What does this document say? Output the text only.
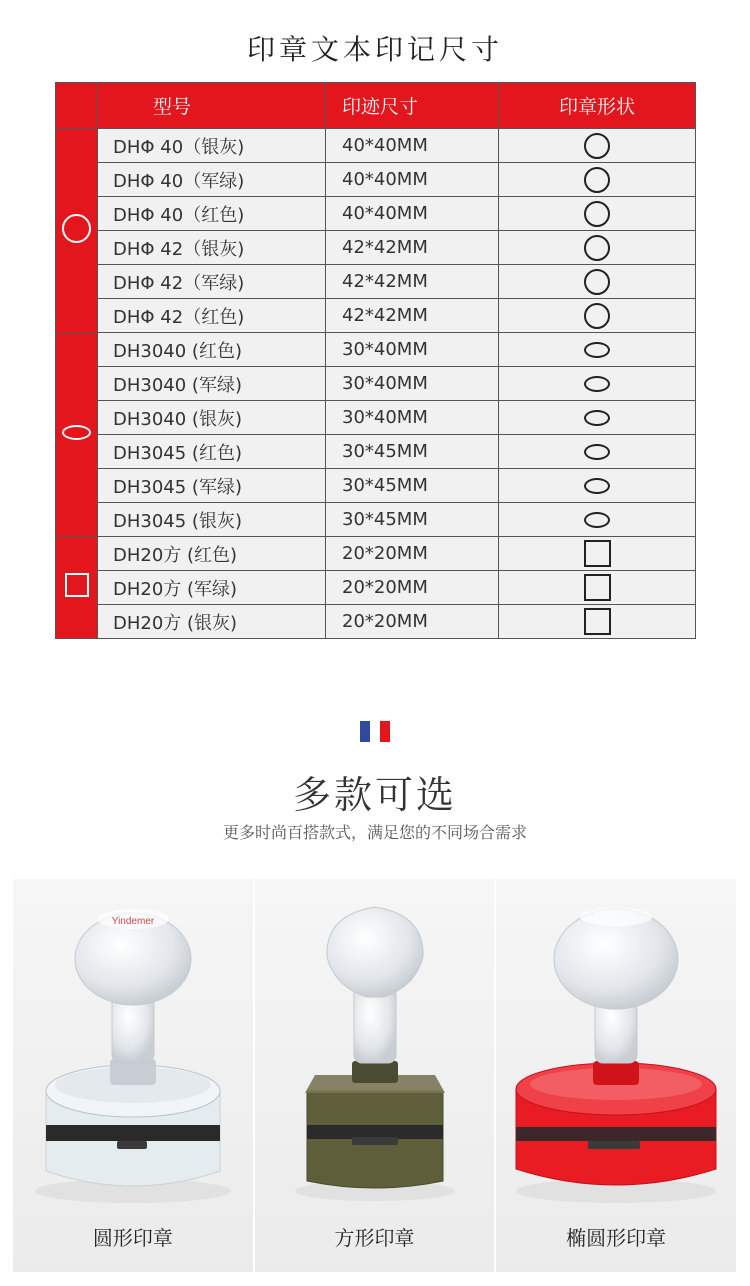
印章文本印记尺寸
	型号	印迹尺寸	印章形状
	DHΦ 40（银灰)	40*40MM	
	DHΦ 40（军绿)	40*40MM	
	DHΦ 40（红色)	40*40MM	
	DHΦ 42（银灰)	42*42MM	
	DHΦ 42（军绿)	42*42MM	
	DHΦ 42（红色)	42*42MM	
	DH3040 (红色)	30*40MM	
	DH3040 (军绿)	30*40MM	
	DH3040 (银灰)	30*40MM	
	DH3045 (红色)	30*45MM	
	DH3045 (军绿)	30*45MM	
	DH3045 (银灰)	30*45MM	
	DH20方 (红色)	20*20MM	
	DH20方 (军绿)	20*20MM	
	DH20方 (银灰)	20*20MM	
多款可选
更多时尚百搭款式，满足您的不同场合需求
Yindemer
圆形印章	方形印章	椭圆形印章
